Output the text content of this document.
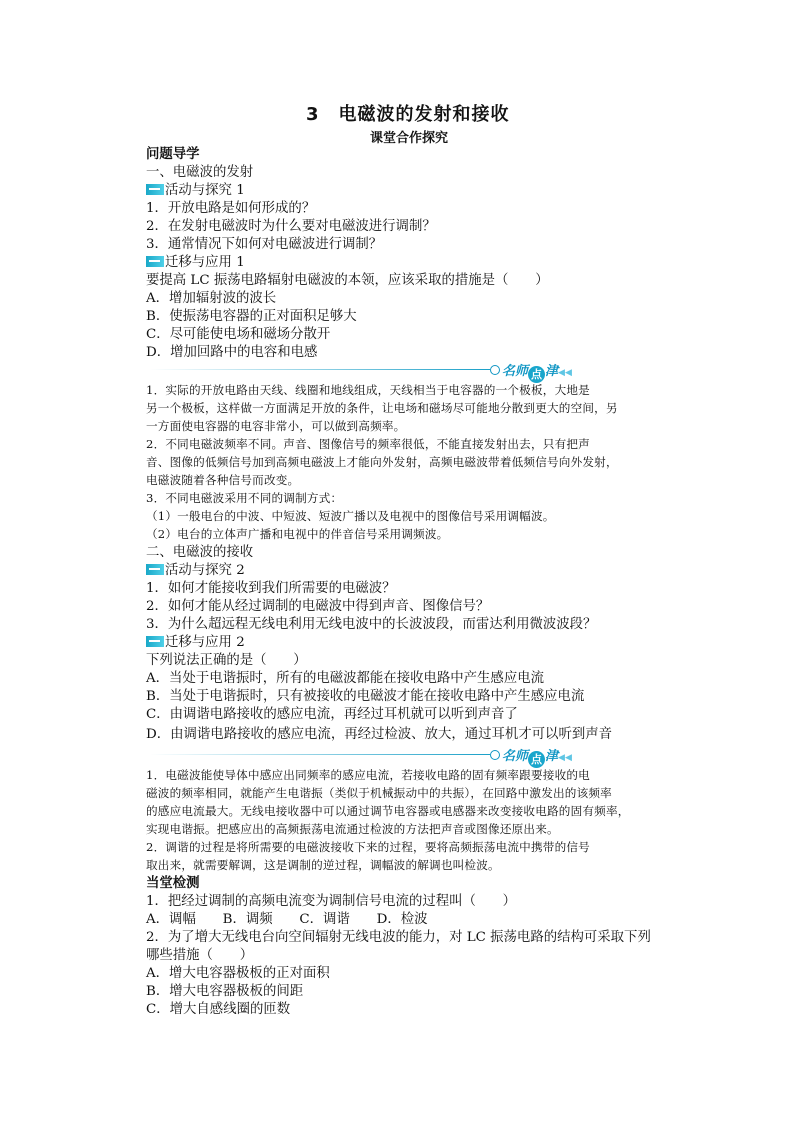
3　电磁波的发射和接收
课堂合作探究
问题导学
一、电磁波的发射
活动与探究 1
1．开放电路是如何形成的？
2．在发射电磁波时为什么要对电磁波进行调制？
3．通常情况下如何对电磁波进行调制？
迁移与应用 1
要提高 LC 振荡电路辐射电磁波的本领，应该采取的措施是（　　）
A．增加辐射波的波长
B．使振荡电容器的正对面积足够大
C．尽可能使电场和磁场分散开
D．增加回路中的电容和电感
名师 点 津◀◀
1．实际的开放电路由天线、线圈和地线组成，天线相当于电容器的一个极板，大地是
另一个极板，这样做一方面满足开放的条件，让电场和磁场尽可能地分散到更大的空间，另
一方面使电容器的电容非常小，可以做到高频率。
2．不同电磁波频率不同。声音、图像信号的频率很低，不能直接发射出去，只有把声
音、图像的低频信号加到高频电磁波上才能向外发射，高频电磁波带着低频信号向外发射，
电磁波随着各种信号而改变。
3．不同电磁波采用不同的调制方式：
（1）一般电台的中波、中短波、短波广播以及电视中的图像信号采用调幅波。
（2）电台的立体声广播和电视中的伴音信号采用调频波。
二、电磁波的接收
活动与探究 2
1．如何才能接收到我们所需要的电磁波？
2．如何才能从经过调制的电磁波中得到声音、图像信号？
3．为什么超远程无线电利用无线电波中的长波波段，而雷达利用微波波段？
迁移与应用 2
下列说法正确的是（　　）
A．当处于电谐振时，所有的电磁波都能在接收电路中产生感应电流
B．当处于电谐振时，只有被接收的电磁波才能在接收电路中产生感应电流
C．由调谐电路接收的感应电流，再经过耳机就可以听到声音了
D．由调谐电路接收的感应电流，再经过检波、放大，通过耳机才可以听到声音
名师 点 津◀◀
1．电磁波能使导体中感应出同频率的感应电流，若接收电路的固有频率跟要接收的电
磁波的频率相同，就能产生电谐振（类似于机械振动中的共振），在回路中激发出的该频率
的感应电流最大。无线电接收器中可以通过调节电容器或电感器来改变接收电路的固有频率，
实现电谐振。把感应出的高频振荡电流通过检波的方法把声音或图像还原出来。
2．调谐的过程是将所需要的电磁波接收下来的过程，要将高频振荡电流中携带的信号
取出来，就需要解调，这是调制的逆过程，调幅波的解调也叫检波。
当堂检测
1．把经过调制的高频电流变为调制信号电流的过程叫（　　）
A．调幅　　B．调频　　C．调谐　　D．检波
2．为了增大无线电台向空间辐射无线电波的能力，对 LC 振荡电路的结构可采取下列
哪些措施（　　）
A．增大电容器极板的正对面积
B．增大电容器极板的间距
C．增大自感线圈的匝数
